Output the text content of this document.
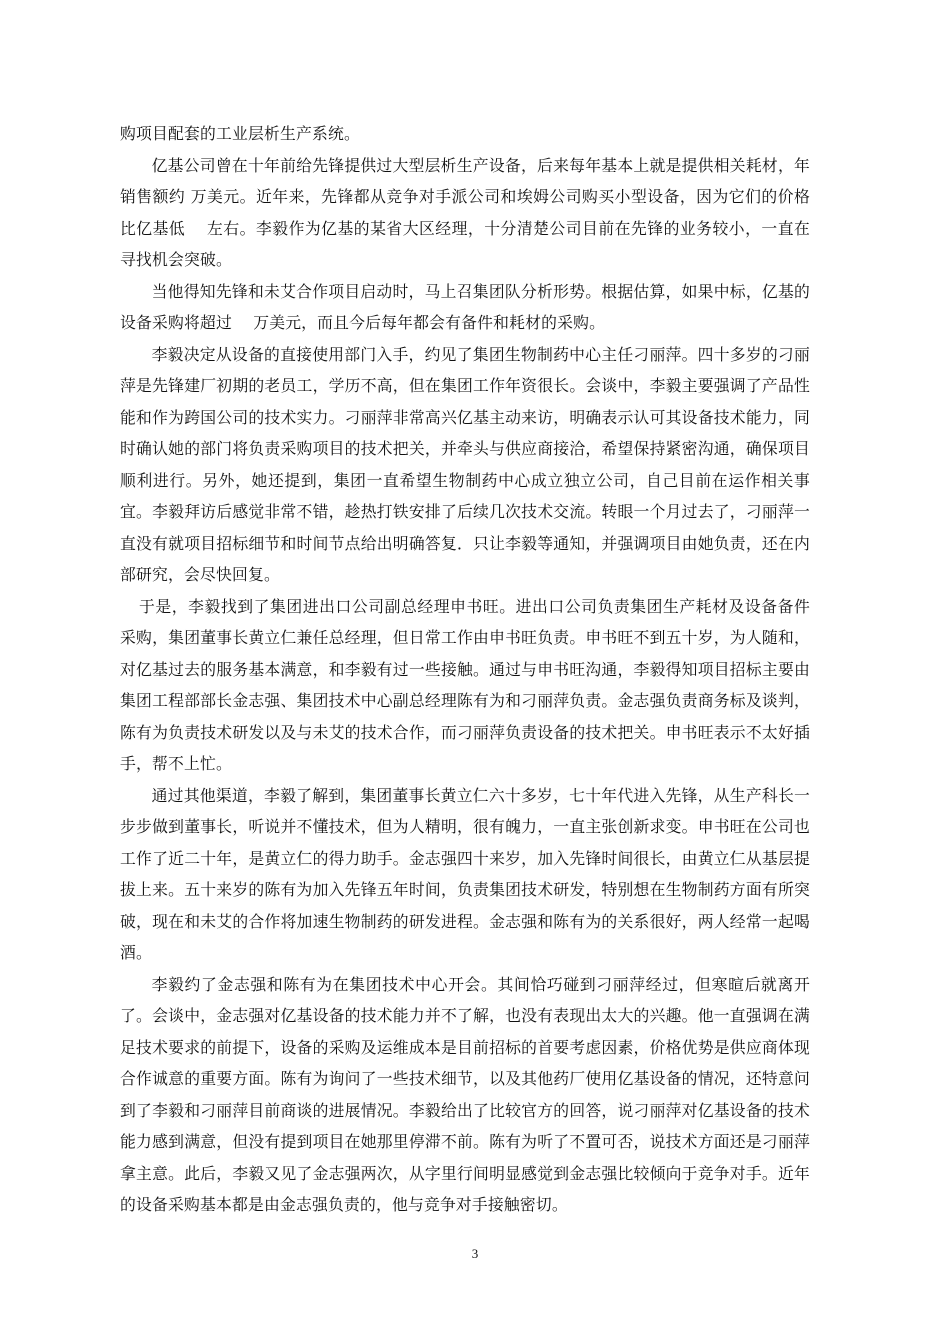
购项目配套的工业层析生产系统。

亿基公司曾在十年前给先锋提供过大型层析生产设备，后来每年基本上就是提供相关耗材，年销售额约 万美元。近年来，先锋都从竞争对手派公司和埃姆公司购买小型设备，因为它们的价格比亿基低　 左右。李毅作为亿基的某省大区经理，十分清楚公司目前在先锋的业务较小，一直在寻找机会突破。

当他得知先锋和未艾合作项目启动时，马上召集团队分析形势。根据估算，如果中标，亿基的设备采购将超过　 万美元，而且今后每年都会有备件和耗材的采购。

李毅决定从设备的直接使用部门入手，约见了集团生物制药中心主任刁丽萍。四十多岁的刁丽萍是先锋建厂初期的老员工，学历不高，但在集团工作年资很长。会谈中，李毅主要强调了产品性能和作为跨国公司的技术实力。刁丽萍非常高兴亿基主动来访，明确表示认可其设备技术能力，同时确认她的部门将负责采购项目的技术把关，并牵头与供应商接洽，希望保持紧密沟通，确保项目顺利进行。另外，她还提到，集团一直希望生物制药中心成立独立公司，自己目前在运作相关事宜。李毅拜访后感觉非常不错，趁热打铁安排了后续几次技术交流。转眼一个月过去了，刁丽萍一直没有就项目招标细节和时间节点给出明确答复．只让李毅等通知，并强调项目由她负责，还在内部研究，会尽快回复。

于是，李毅找到了集团进出口公司副总经理申书旺。进出口公司负责集团生产耗材及设备备件采购，集团董事长黄立仁兼任总经理，但日常工作由申书旺负责。申书旺不到五十岁，为人随和，对亿基过去的服务基本满意，和李毅有过一些接触。通过与申书旺沟通，李毅得知项目招标主要由集团工程部部长金志强、集团技术中心副总经理陈有为和刁丽萍负责。金志强负责商务标及谈判，陈有为负责技术研发以及与未艾的技术合作，而刁丽萍负责设备的技术把关。申书旺表示不太好插手，帮不上忙。

通过其他渠道，李毅了解到，集团董事长黄立仁六十多岁，七十年代进入先锋，从生产科长一步步做到董事长，听说并不懂技术，但为人精明，很有魄力，一直主张创新求变。申书旺在公司也工作了近二十年，是黄立仁的得力助手。金志强四十来岁，加入先锋时间很长，由黄立仁从基层提拔上来。五十来岁的陈有为加入先锋五年时间，负责集团技术研发，特别想在生物制药方面有所突破，现在和未艾的合作将加速生物制药的研发进程。金志强和陈有为的关系很好，两人经常一起喝酒。

李毅约了金志强和陈有为在集团技术中心开会。其间恰巧碰到刁丽萍经过，但寒暄后就离开了。会谈中，金志强对亿基设备的技术能力并不了解，也没有表现出太大的兴趣。他一直强调在满足技术要求的前提下，设备的采购及运维成本是目前招标的首要考虑因素，价格优势是供应商体现合作诚意的重要方面。陈有为询问了一些技术细节，以及其他药厂使用亿基设备的情况，还特意问到了李毅和刁丽萍目前商谈的进展情况。李毅给出了比较官方的回答，说刁丽萍对亿基设备的技术能力感到满意，但没有提到项目在她那里停滞不前。陈有为听了不置可否，说技术方面还是刁丽萍拿主意。此后，李毅又见了金志强两次，从字里行间明显感觉到金志强比较倾向于竞争对手。近年的设备采购基本都是由金志强负责的，他与竞争对手接触密切。

3
